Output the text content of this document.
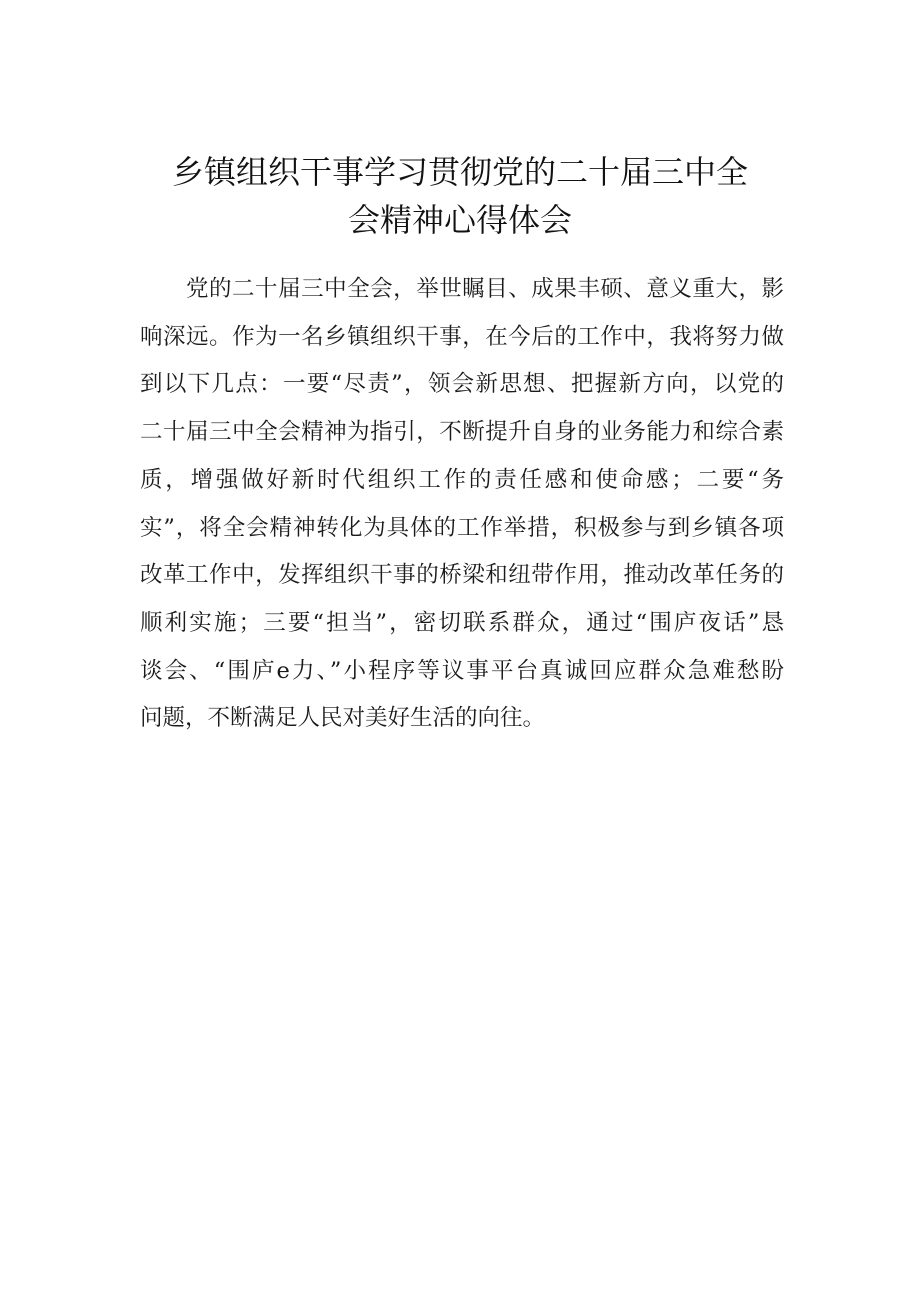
乡镇组织干事学习贯彻党的二十届三中全
会精神心得体会

党的二十届三中全会，举世瞩目、成果丰硕、意义重大，影
响深远。作为一名乡镇组织干事，在今后的工作中，我将努力做
到以下几点：一要“尽责”，领会新思想、把握新方向，以党的
二十届三中全会精神为指引，不断提升自身的业务能力和综合素
质，增强做好新时代组织工作的责任感和使命感；二要“务
实”，将全会精神转化为具体的工作举措，积极参与到乡镇各项
改革工作中，发挥组织干事的桥梁和纽带作用，推动改革任务的
顺利实施；三要“担当”，密切联系群众，通过“围庐夜话”恳
谈会、“围庐e力、”小程序等议事平台真诚回应群众急难愁盼
问题，不断满足人民对美好生活的向往。
